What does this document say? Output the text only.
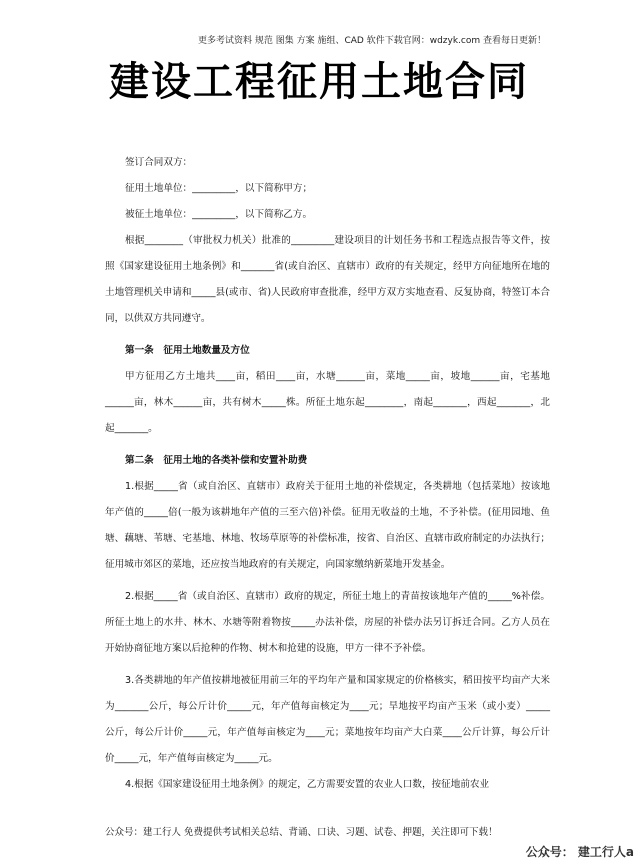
更多考试资料 规范 图集 方案 施组、CAD 软件下载官网：wdzyk.com 查看每日更新！
建设工程征用土地合同

签订合同双方：

征用土地单位：_________，以下简称甲方；

被征土地单位：_________，以下简称乙方。

根据________（审批权力机关）批准的_________建设项目的计划任务书和工程选点报告等文件，按照《国家建设征用土地条例》和_______省(或自治区、直辖市）政府的有关规定，经甲方向征地所在地的土地管理机关申请和_____县(或市、省)人民政府审查批准，经甲方双方实地查看、反复协商，特签订本合同，以供双方共同遵守。

第一条　征用土地数量及方位

甲方征用乙方土地共____亩，稻田____亩，水塘______亩，菜地_____亩，坡地______亩，宅基地______亩，林木______亩，共有树木_____株。所征土地东起________，南起_______，西起_______，北起_______。

第二条　征用土地的各类补偿和安置补助费

1.根据_____省（或自治区、直辖市）政府关于征用土地的补偿规定，各类耕地（包括菜地）按该地年产值的_____倍(一般为该耕地年产值的三至六倍)补偿。征用无收益的土地，不予补偿。(征用园地、鱼塘、藕塘、苇塘、宅基地、林地、牧场草原等的补偿标准，按省、自治区、直辖市政府制定的办法执行；征用城市郊区的菜地，还应按当地政府的有关规定，向国家缴纳新菜地开发基金。

2.根据_____省（或自治区、直辖市）政府的规定，所征土地上的青苗按该地年产值的_____%补偿。所征土地上的水井、林木、水塘等附着物按_____办法补偿，房屋的补偿办法另订拆迁合同。乙方人员在开始协商征地方案以后抢种的作物、树木和抢建的设施，甲方一律不予补偿。

3.各类耕地的年产值按耕地被征用前三年的平均年产量和国家规定的价格核实，稻田按平均亩产大米为_______公斤，每公斤计价_____元，年产值每亩核定为____元；旱地按平均亩产玉米（或小麦）_____公斤，每公斤计价_____元，年产值每亩核定为____元；菜地按年均亩产大白菜____公斤计算，每公斤计价_____元，年产值每亩核定为_____元。

4.根据《国家建设征用土地条例》的规定，乙方需要安置的农业人口数，按征地前农业

公众号：建工行人 免费提供考试相关总结、背诵、口诀、习题、试卷、押题，关注即可下载！
公众号： 建工行人a
